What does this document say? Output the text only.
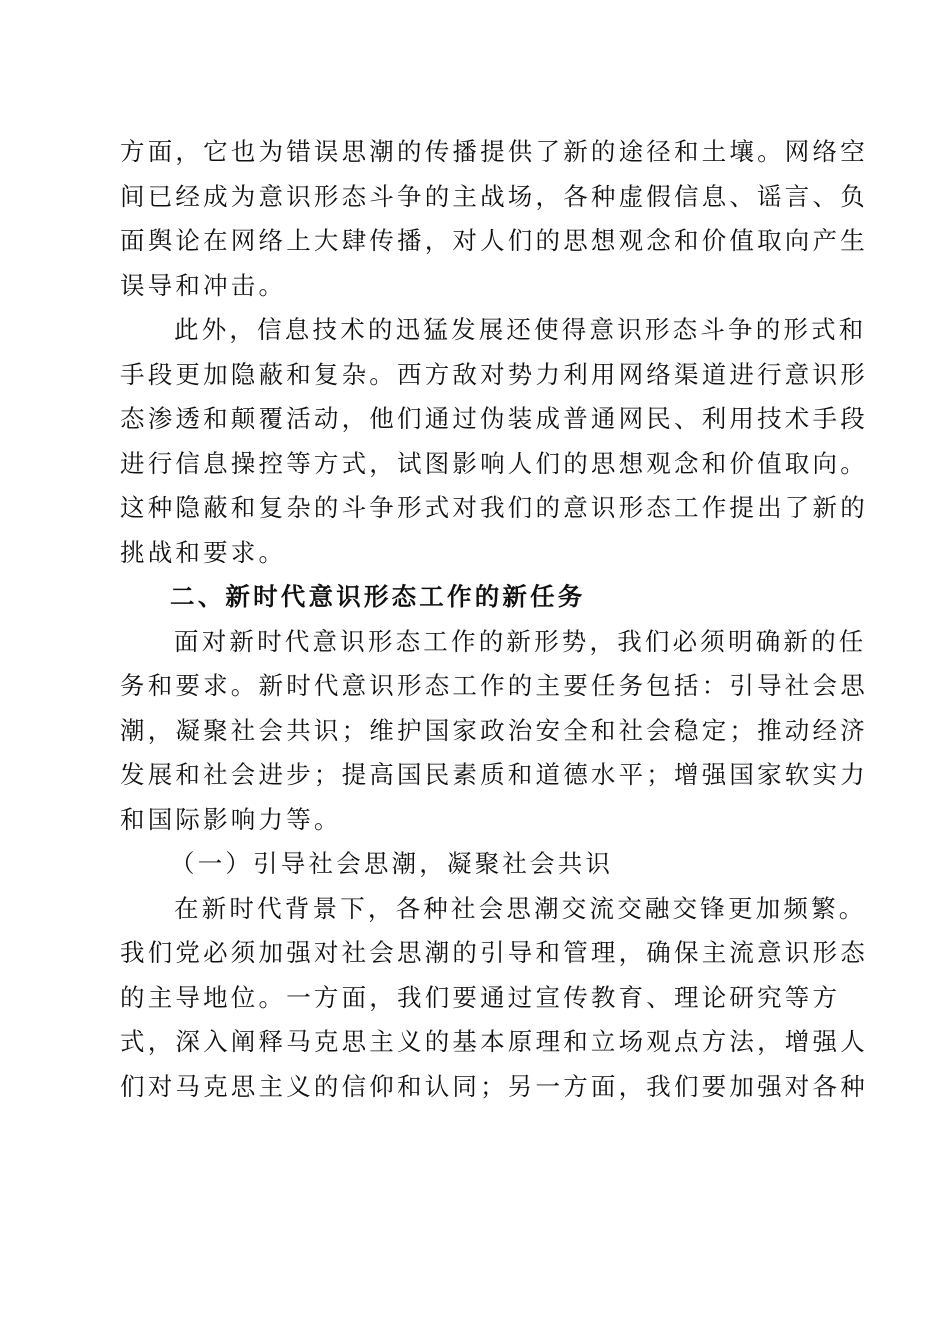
方面，它也为错误思潮的传播提供了新的途径和土壤。网络空
间已经成为意识形态斗争的主战场，各种虚假信息、谣言、负
面舆论在网络上大肆传播，对人们的思想观念和价值取向产生
误导和冲击。
此外，信息技术的迅猛发展还使得意识形态斗争的形式和
手段更加隐蔽和复杂。西方敌对势力利用网络渠道进行意识形
态渗透和颠覆活动，他们通过伪装成普通网民、利用技术手段
进行信息操控等方式，试图影响人们的思想观念和价值取向。
这种隐蔽和复杂的斗争形式对我们的意识形态工作提出了新的
挑战和要求。
二、新时代意识形态工作的新任务
面对新时代意识形态工作的新形势，我们必须明确新的任
务和要求。新时代意识形态工作的主要任务包括：引导社会思
潮，凝聚社会共识；维护国家政治安全和社会稳定；推动经济
发展和社会进步；提高国民素质和道德水平；增强国家软实力
和国际影响力等。
（一）引导社会思潮，凝聚社会共识
在新时代背景下，各种社会思潮交流交融交锋更加频繁。
我们党必须加强对社会思潮的引导和管理，确保主流意识形态
的主导地位。一方面，我们要通过宣传教育、理论研究等方
式，深入阐释马克思主义的基本原理和立场观点方法，增强人
们对马克思主义的信仰和认同；另一方面，我们要加强对各种
